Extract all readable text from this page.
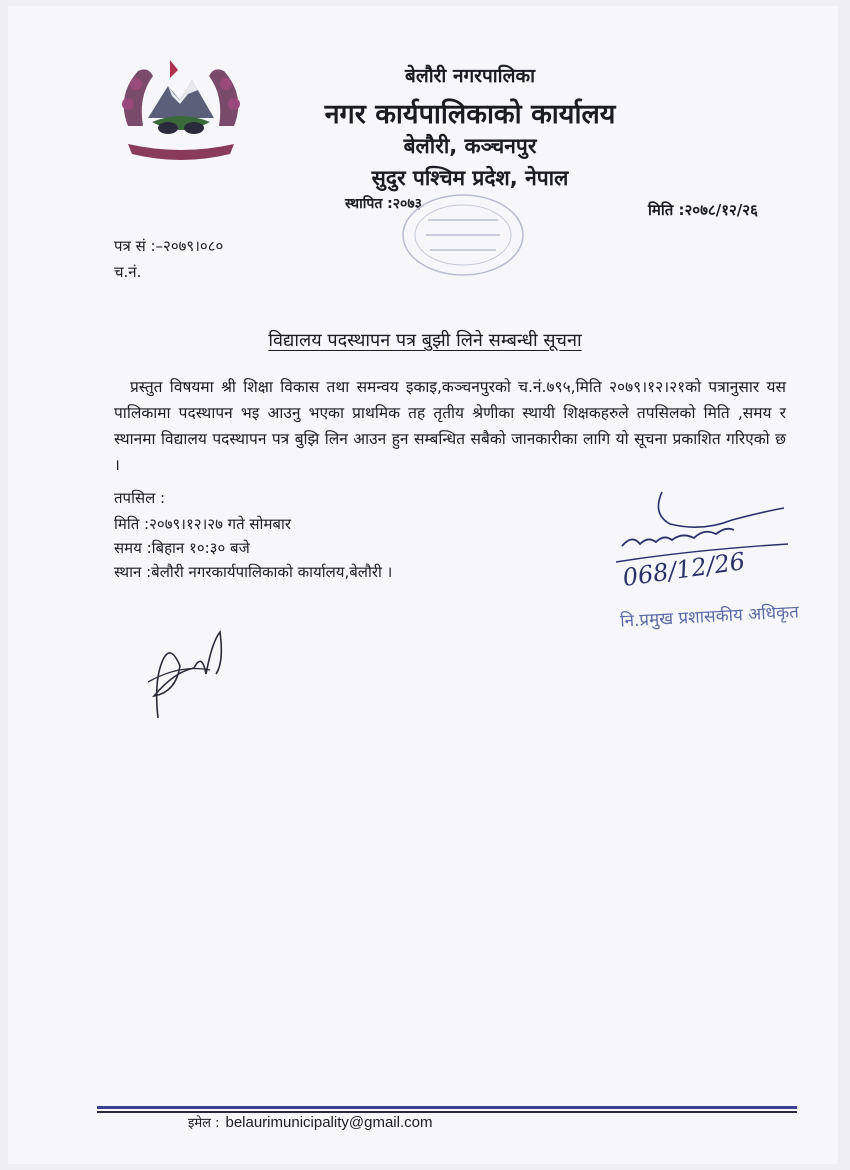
बेलौरी नगरपालिका
नगर कार्यपालिकाको कार्यालय
बेलौरी, कञ्चनपुर
सुदुर पश्चिम प्रदेश, नेपाल
स्थापित :२०७३	मिति :२०७८/१२/२६
पत्र सं :–२०७९।०८०
च.नं.
विद्यालय पदस्थापन पत्र बुझी लिने सम्बन्धी सूचना
प्रस्तुत विषयमा श्री शिक्षा विकास तथा समन्वय इकाइ,कञ्चनपुरको च.नं.७९५,मिति २०७९।१२।२१को पत्रानुसार यस पालिकामा पदस्थापन भइ आउनु भएका प्राथमिक तह तृतीय श्रेणीका स्थायी शिक्षकहरुले तपसिलको मिति ,समय र स्थानमा विद्यालय पदस्थापन पत्र बुझि लिन आउन हुन सम्बन्धित सबैको जानकारीका लागि यो सूचना प्रकाशित गरिएको छ ।
तपसिल :
मिति :२०७९।१२।२७ गते सोमबार
समय :बिहान १०:३० बजे
स्थान :बेलौरी नगरकार्यपालिकाको कार्यालय,बेलौरी ।	068/12/26
नि.प्रमुख प्रशासकीय अधिकृत
इमेल : belaurimunicipality@gmail.com
